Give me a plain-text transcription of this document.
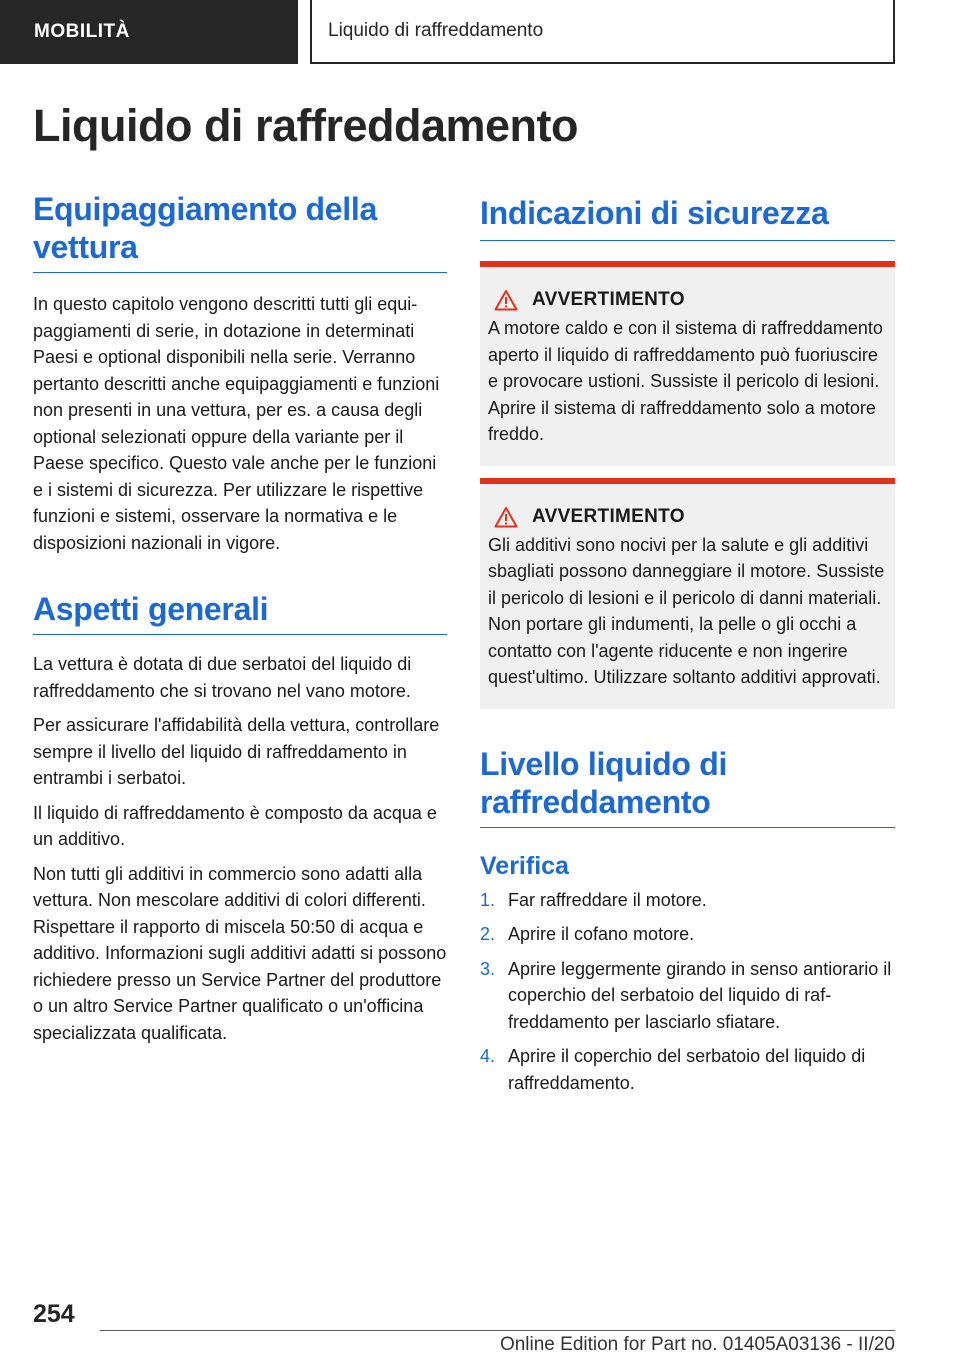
MOBILITÀ	Liquido di raffreddamento
Liquido di raffreddamento
Equipaggiamento della vettura

In questo capitolo vengono descritti tutti gli equipaggiamenti di serie, in dotazione in determinati Paesi e optional disponibili nella serie. Verranno pertanto descritti anche equipaggiamenti e funzioni non presenti in una vettura, per es. a causa degli optional selezionati oppure della variante per il Paese specifico. Questo vale anche per le funzioni e i sistemi di sicurezza. Per utilizzare le rispettive funzioni e sistemi, osservare la normativa e le disposizioni nazionali in vigore.

Aspetti generali

La vettura è dotata di due serbatoi del liquido di raffreddamento che si trovano nel vano motore.

Per assicurare l'affidabilità della vettura, controllare sempre il livello del liquido di raffreddamento in entrambi i serbatoi.

Il liquido di raffreddamento è composto da acqua e un additivo.

Non tutti gli additivi in commercio sono adatti alla vettura. Non mescolare additivi di colori differenti. Rispettare il rapporto di miscela 50:50 di acqua e additivo. Informazioni sugli additivi adatti si possono richiedere presso un Service Partner del produttore o un altro Service Partner qualificato o un'officina specializzata qualificata.

Indicazioni di sicurezza
AVVERTIMENTO

A motore caldo e con il sistema di raffreddamento aperto il liquido di raffreddamento può fuoriuscire e provocare ustioni. Sussiste il pericolo di lesioni. Aprire il sistema di raffreddamento solo a motore freddo.

AVVERTIMENTO

Gli additivi sono nocivi per la salute e gli additivi sbagliati possono danneggiare il motore. Sussiste il pericolo di lesioni e il pericolo di danni materiali. Non portare gli indumenti, la pelle o gli occhi a contatto con l'agente riducente e non ingerire quest'ultimo. Utilizzare soltanto additivi approvati.

Livello liquido di raffreddamento
Verifica
1. Far raffreddare il motore.

2. Aprire il cofano motore.

3. Aprire leggermente girando in senso antiorario il coperchio del serbatoio del liquido di raffreddamento per lasciarlo sfiatare.

4. Aprire il coperchio del serbatoio del liquido di raffreddamento.

254
Online Edition for Part no. 01405A03136 - II/20
